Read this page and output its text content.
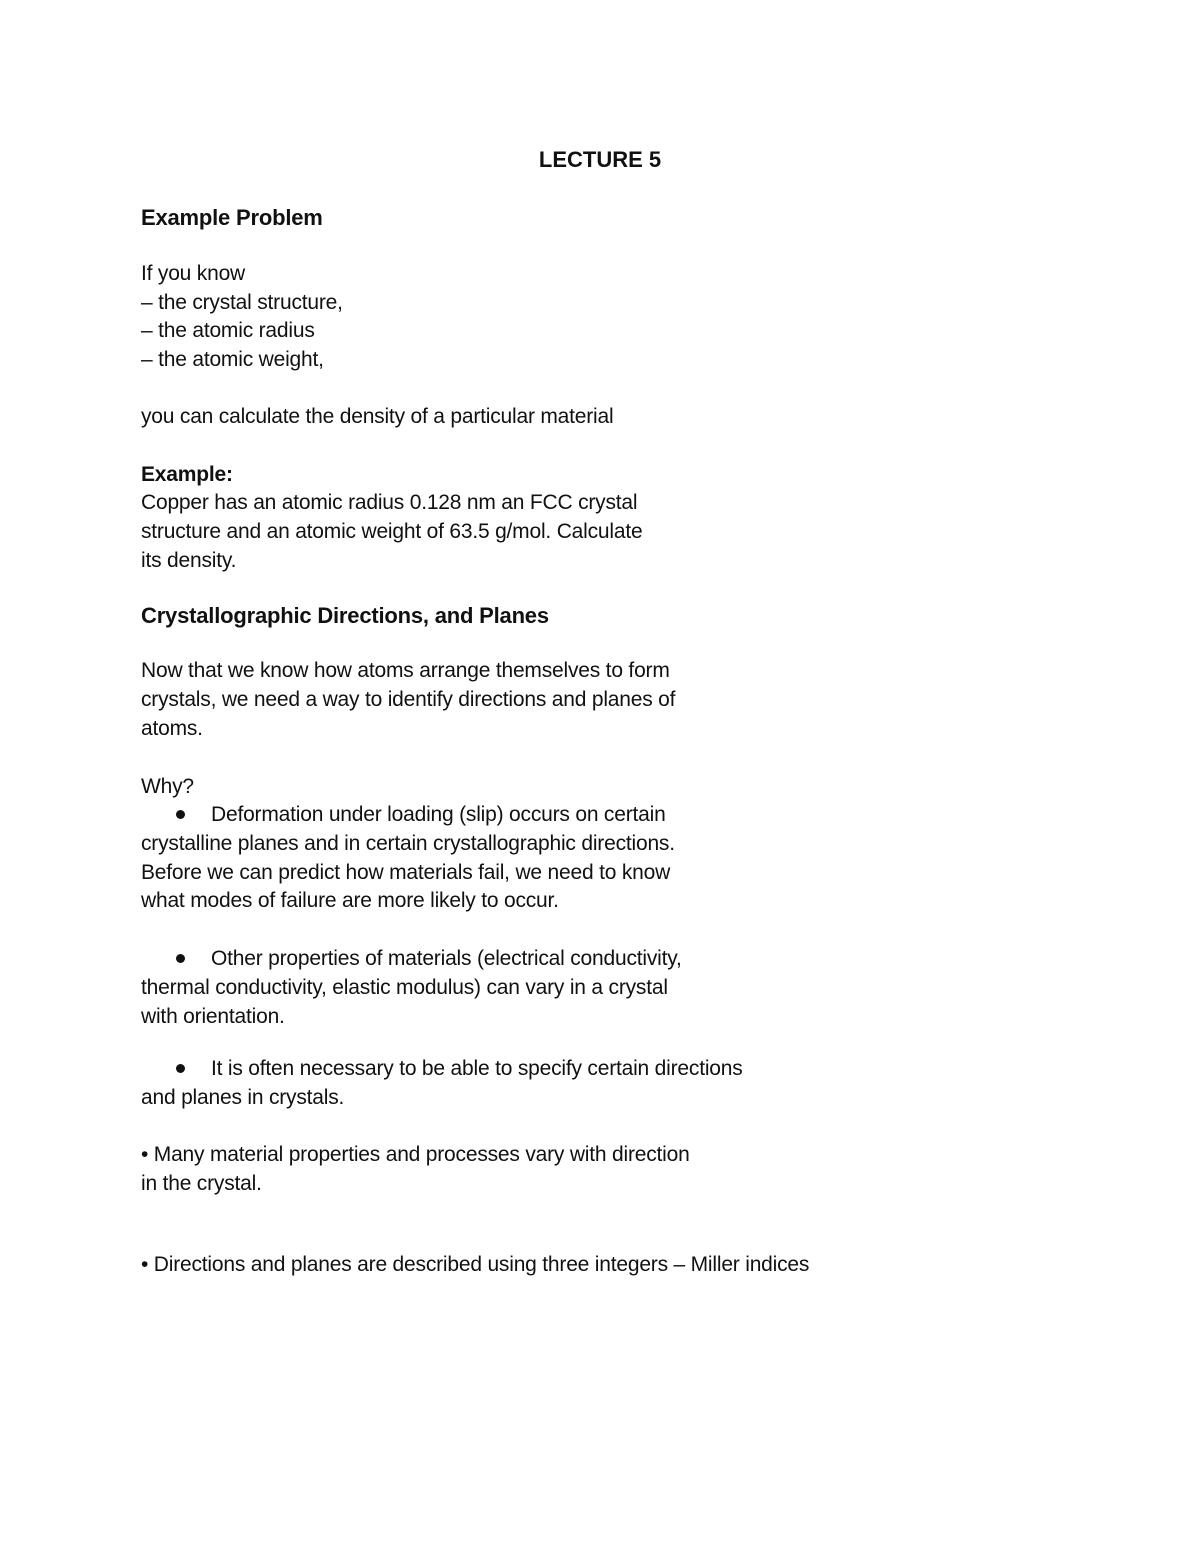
LECTURE 5
Example Problem
If you know
– the crystal structure,
– the atomic radius
– the atomic weight,
you can calculate the density of a particular material
Example:
Copper has an atomic radius 0.128 nm an FCC crystal
structure and an atomic weight of 63.5 g/mol. Calculate
its density.
Crystallographic Directions, and Planes
Now that we know how atoms arrange themselves to form
crystals, we need a way to identify directions and planes of
atoms.
Why?
Deformation under loading (slip) occurs on certain
crystalline planes and in certain crystallographic directions.
Before we can predict how materials fail, we need to know
what modes of failure are more likely to occur.
Other properties of materials (electrical conductivity,
thermal conductivity, elastic modulus) can vary in a crystal
with orientation.
It is often necessary to be able to specify certain directions
and planes in crystals.
• Many material properties and processes vary with direction
in the crystal.
• Directions and planes are described using three integers – Miller indices
